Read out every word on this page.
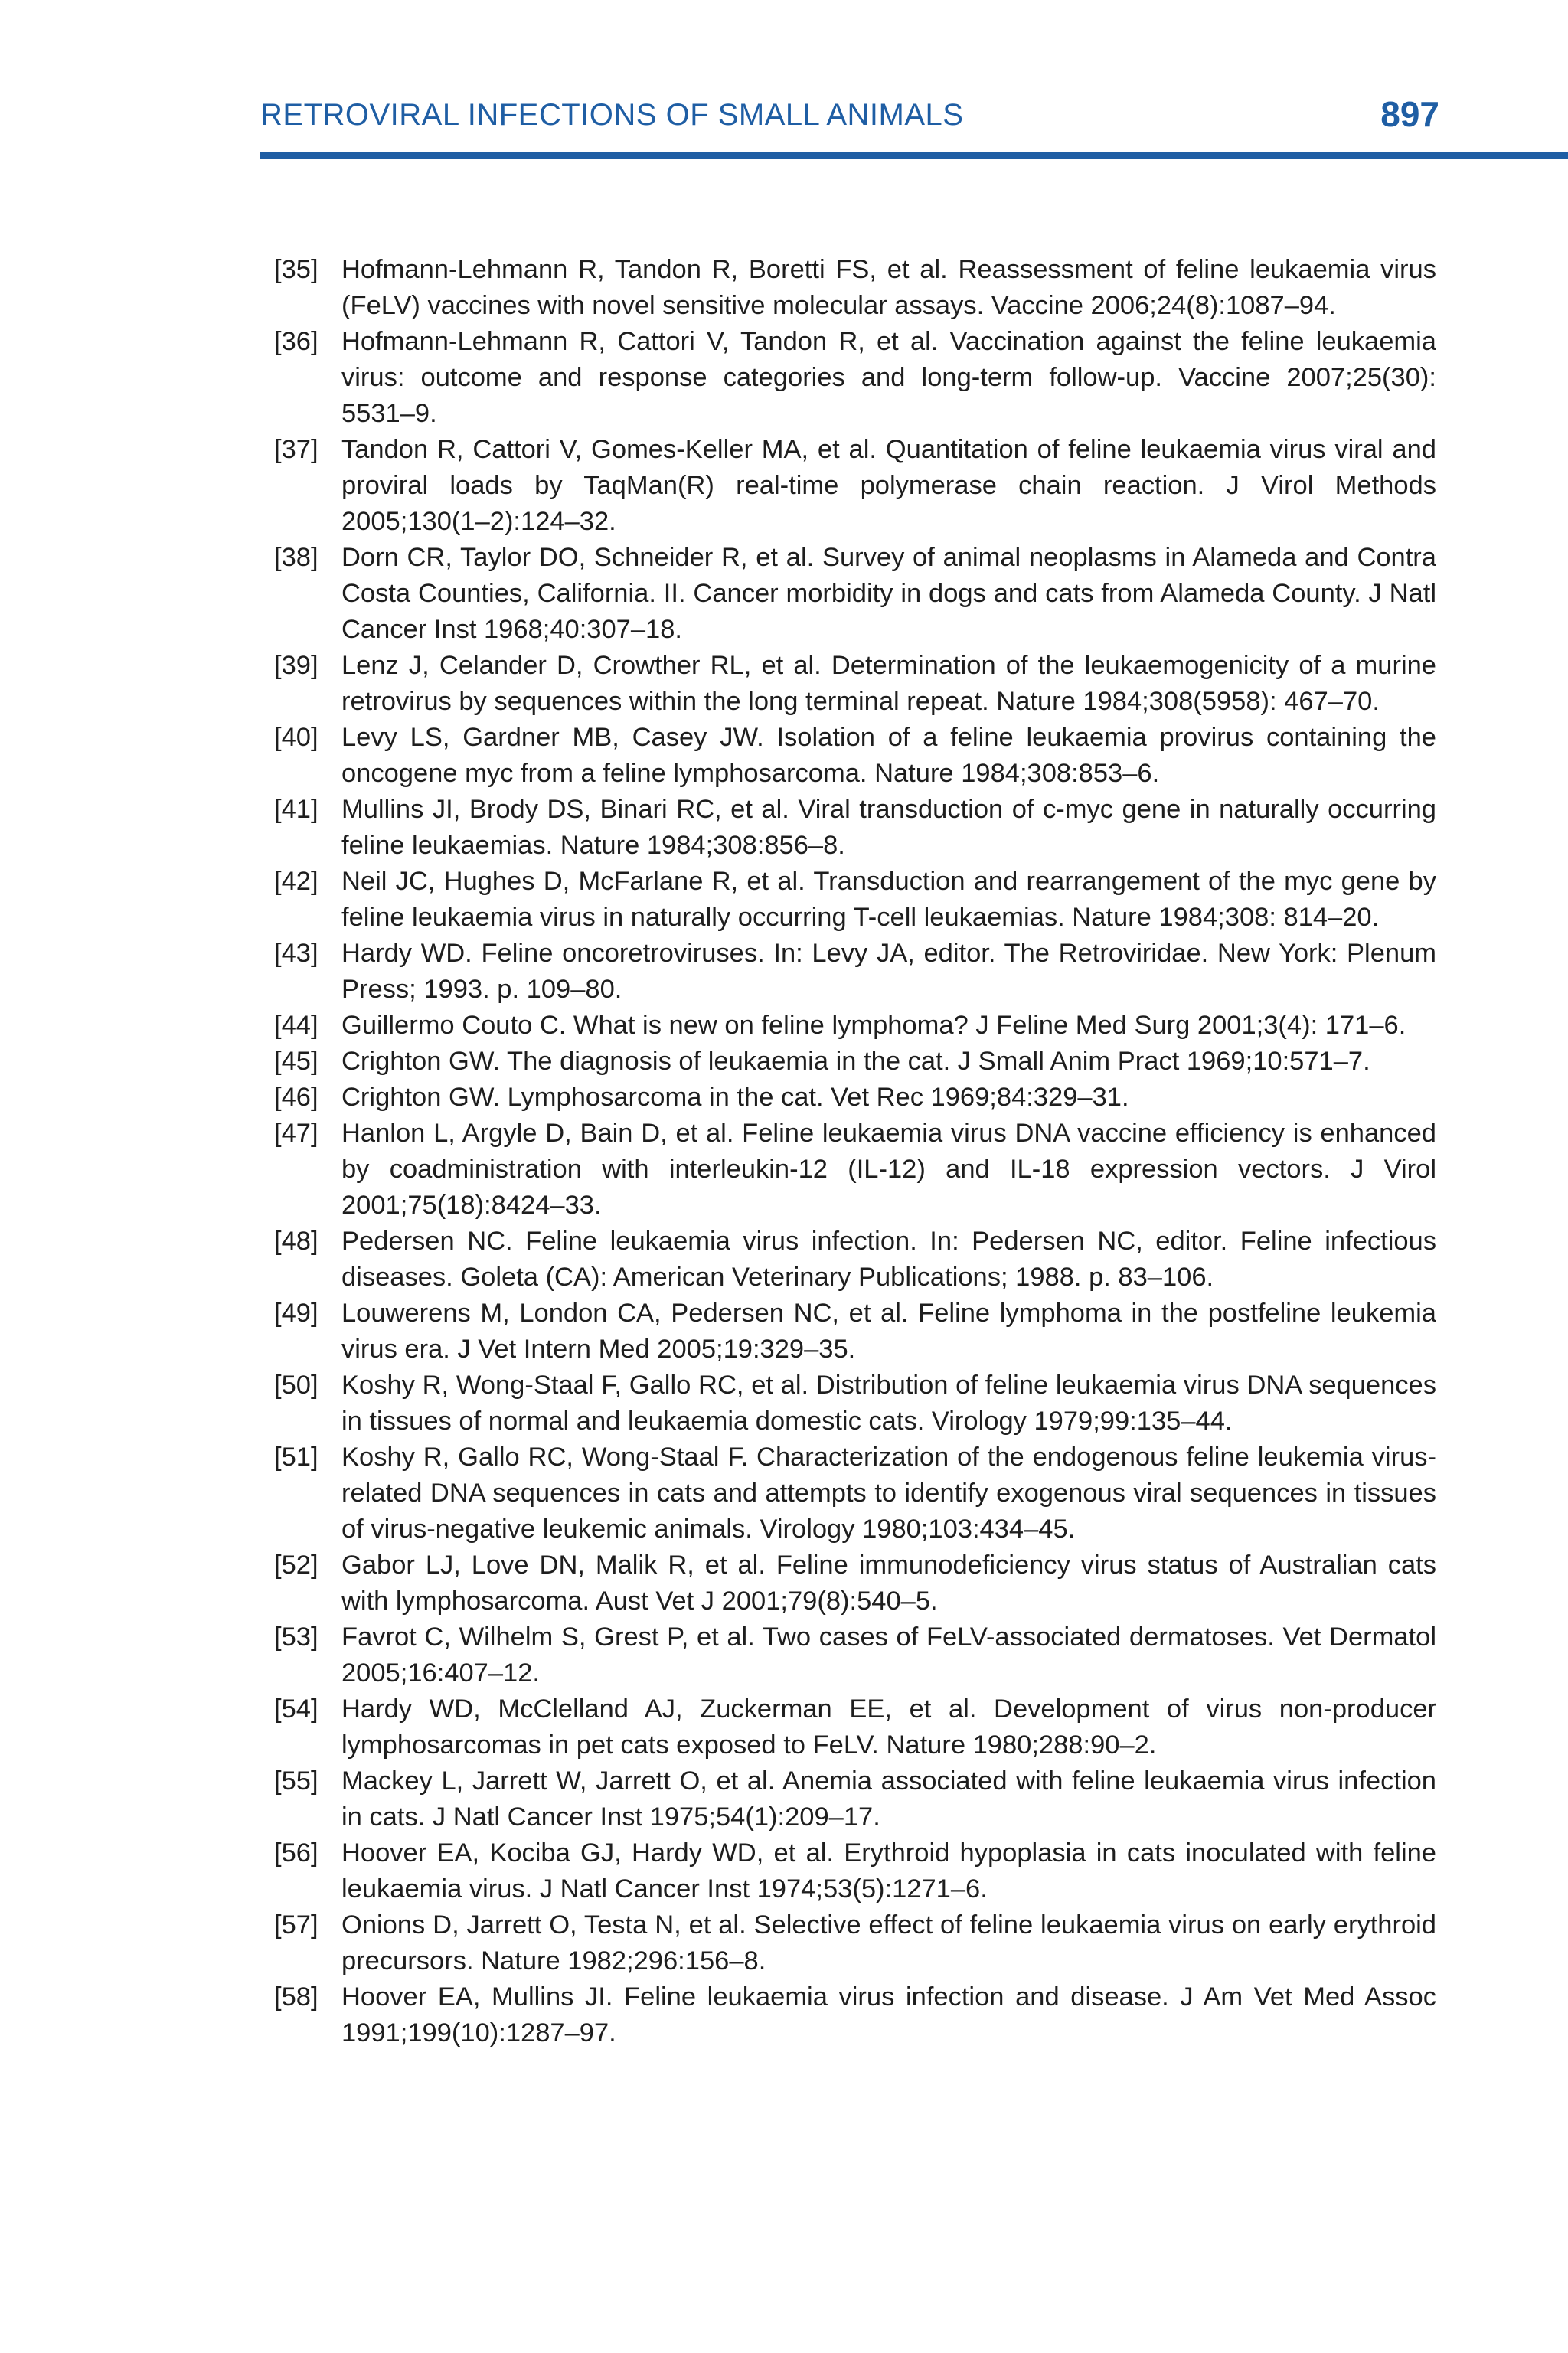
RETROVIRAL INFECTIONS OF SMALL ANIMALS	897
[35] Hofmann-Lehmann R, Tandon R, Boretti FS, et al. Reassessment of feline leukaemia virus (FeLV) vaccines with novel sensitive molecular assays. Vaccine 2006;24(8):1087–94.
[36] Hofmann-Lehmann R, Cattori V, Tandon R, et al. Vaccination against the feline leukaemia virus: outcome and response categories and long-term follow-up. Vaccine 2007;25(30): 5531–9.
[37] Tandon R, Cattori V, Gomes-Keller MA, et al. Quantitation of feline leukaemia virus viral and proviral loads by TaqMan(R) real-time polymerase chain reaction. J Virol Methods 2005;130(1–2):124–32.
[38] Dorn CR, Taylor DO, Schneider R, et al. Survey of animal neoplasms in Alameda and Contra Costa Counties, California. II. Cancer morbidity in dogs and cats from Alameda County. J Natl Cancer Inst 1968;40:307–18.
[39] Lenz J, Celander D, Crowther RL, et al. Determination of the leukaemogenicity of a murine retrovirus by sequences within the long terminal repeat. Nature 1984;308(5958): 467–70.
[40] Levy LS, Gardner MB, Casey JW. Isolation of a feline leukaemia provirus containing the oncogene myc from a feline lymphosarcoma. Nature 1984;308:853–6.
[41] Mullins JI, Brody DS, Binari RC, et al. Viral transduction of c-myc gene in naturally occurring feline leukaemias. Nature 1984;308:856–8.
[42] Neil JC, Hughes D, McFarlane R, et al. Transduction and rearrangement of the myc gene by feline leukaemia virus in naturally occurring T-cell leukaemias. Nature 1984;308: 814–20.
[43] Hardy WD. Feline oncoretroviruses. In: Levy JA, editor. The Retroviridae. New York: Plenum Press; 1993. p. 109–80.
[44] Guillermo Couto C. What is new on feline lymphoma? J Feline Med Surg 2001;3(4): 171–6.
[45] Crighton GW. The diagnosis of leukaemia in the cat. J Small Anim Pract 1969;10:571–7.
[46] Crighton GW. Lymphosarcoma in the cat. Vet Rec 1969;84:329–31.
[47] Hanlon L, Argyle D, Bain D, et al. Feline leukaemia virus DNA vaccine efficiency is enhanced by coadministration with interleukin-12 (IL-12) and IL-18 expression vectors. J Virol 2001;75(18):8424–33.
[48] Pedersen NC. Feline leukaemia virus infection. In: Pedersen NC, editor. Feline infectious diseases. Goleta (CA): American Veterinary Publications; 1988. p. 83–106.
[49] Louwerens M, London CA, Pedersen NC, et al. Feline lymphoma in the postfeline leukemia virus era. J Vet Intern Med 2005;19:329–35.
[50] Koshy R, Wong-Staal F, Gallo RC, et al. Distribution of feline leukaemia virus DNA sequences in tissues of normal and leukaemia domestic cats. Virology 1979;99:135–44.
[51] Koshy R, Gallo RC, Wong-Staal F. Characterization of the endogenous feline leukemia virus-related DNA sequences in cats and attempts to identify exogenous viral sequences in tissues of virus-negative leukemic animals. Virology 1980;103:434–45.
[52] Gabor LJ, Love DN, Malik R, et al. Feline immunodeficiency virus status of Australian cats with lymphosarcoma. Aust Vet J 2001;79(8):540–5.
[53] Favrot C, Wilhelm S, Grest P, et al. Two cases of FeLV-associated dermatoses. Vet Dermatol 2005;16:407–12.
[54] Hardy WD, McClelland AJ, Zuckerman EE, et al. Development of virus non-producer lymphosarcomas in pet cats exposed to FeLV. Nature 1980;288:90–2.
[55] Mackey L, Jarrett W, Jarrett O, et al. Anemia associated with feline leukaemia virus infection in cats. J Natl Cancer Inst 1975;54(1):209–17.
[56] Hoover EA, Kociba GJ, Hardy WD, et al. Erythroid hypoplasia in cats inoculated with feline leukaemia virus. J Natl Cancer Inst 1974;53(5):1271–6.
[57] Onions D, Jarrett O, Testa N, et al. Selective effect of feline leukaemia virus on early erythroid precursors. Nature 1982;296:156–8.
[58] Hoover EA, Mullins JI. Feline leukaemia virus infection and disease. J Am Vet Med Assoc 1991;199(10):1287–97.
